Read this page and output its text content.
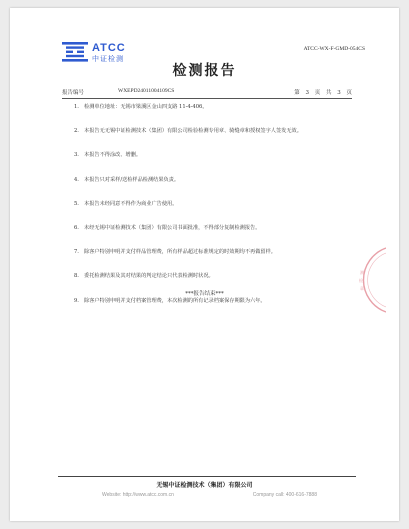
ATCC
中证检测
ATCC-WX-F-GMD-054CS
检测报告
报告编号	WXEPD24011004109CS	第 3 页 共 3 页
1. 检测单位地址：无锡市梁溪区金山四支路 11-4-406。
2. 本报告无无锡中证检测技术（集团）有限公司检验检测专用章、骑缝章和授权签字人签发无效。
3. 本报告不得涂改、增删。
4. 本报告只对采样/送检样品检测结果负责。
5. 本报告未经同意不得作为商业广告使用。
6. 未经无锡中证检测技术（集团）有限公司书面批准，不得部分复制检测报告。
7. 除客户特别申明并支付样品管理费，所有样品超过标准规定的时效期均不再做留样。
8. 委托检测结果及其对结果的判定结论只代表检测时状况。
9. 除客户特别申明并支付档案管理费，本次检测的所有记录档案保存期限为六年。
***报告结束***
测
检
章
无锡中证检测技术（集团）有限公司
Website: http://www.atcc.com.cn	Company call: 400-616-7888
